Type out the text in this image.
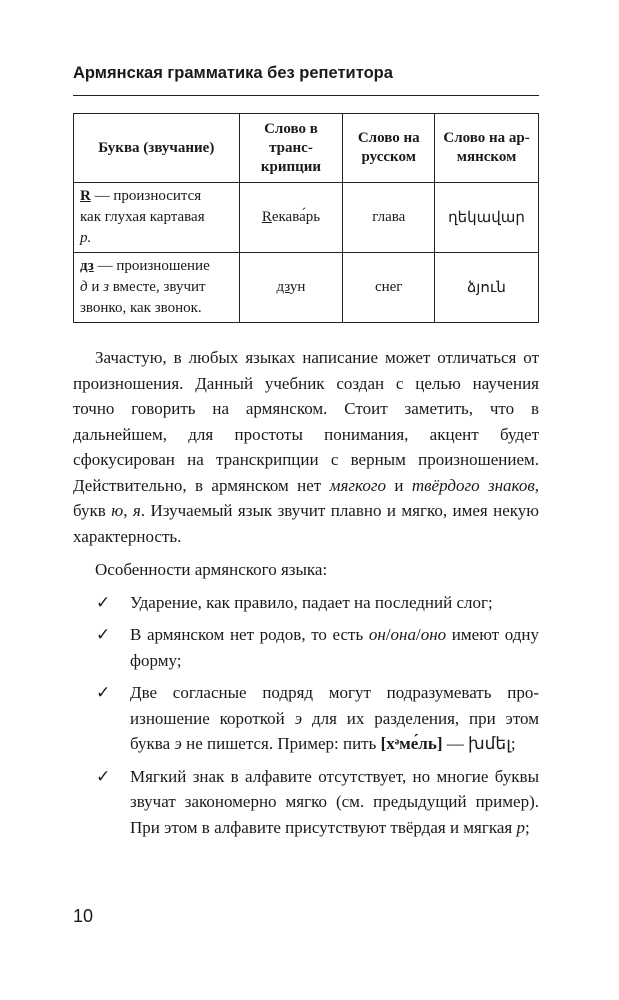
Армянская грамматика без репетитора
Буква (звучание)	Слово в транскрипции	Слово на русском	Слово на армянском
R — произносится
как глухая картавая
р.	Rекава́рь	глава	ղեկավար
дз — произношение
д и з вместе, звучит
звонко, как звонок.	дзун	снег	ձյուն

Зачастую, в любых языках написание может отличаться от произношения. Данный учебник создан с целью научения точно говорить на армянском. Стоит заметить, что в дальнейшем, для простоты понимания, акцент будет сфокусирован на транскрипции с верным произношением. Действительно, в армянском нет мягкого и твёрдого знаков, букв ю, я. Изучаемый язык звучит плавно и мягко, имея некую характерность.

Особенности армянского языка:

✓ Ударение, как правило, падает на последний слог;
✓ В армянском нет родов, то есть он/она/оно имеют одну форму;
✓ Две согласные подряд могут подразумевать произношение короткой э для их разделения, при этом буква э не пишется. Пример: пить [хᵊме́ль] — խմել;
✓ Мягкий знак в алфавите отсутствует, но многие буквы звучат закономерно мягко (см. предыдущий пример). При этом в алфавите присутствуют твёрдая и мягкая р;
10
